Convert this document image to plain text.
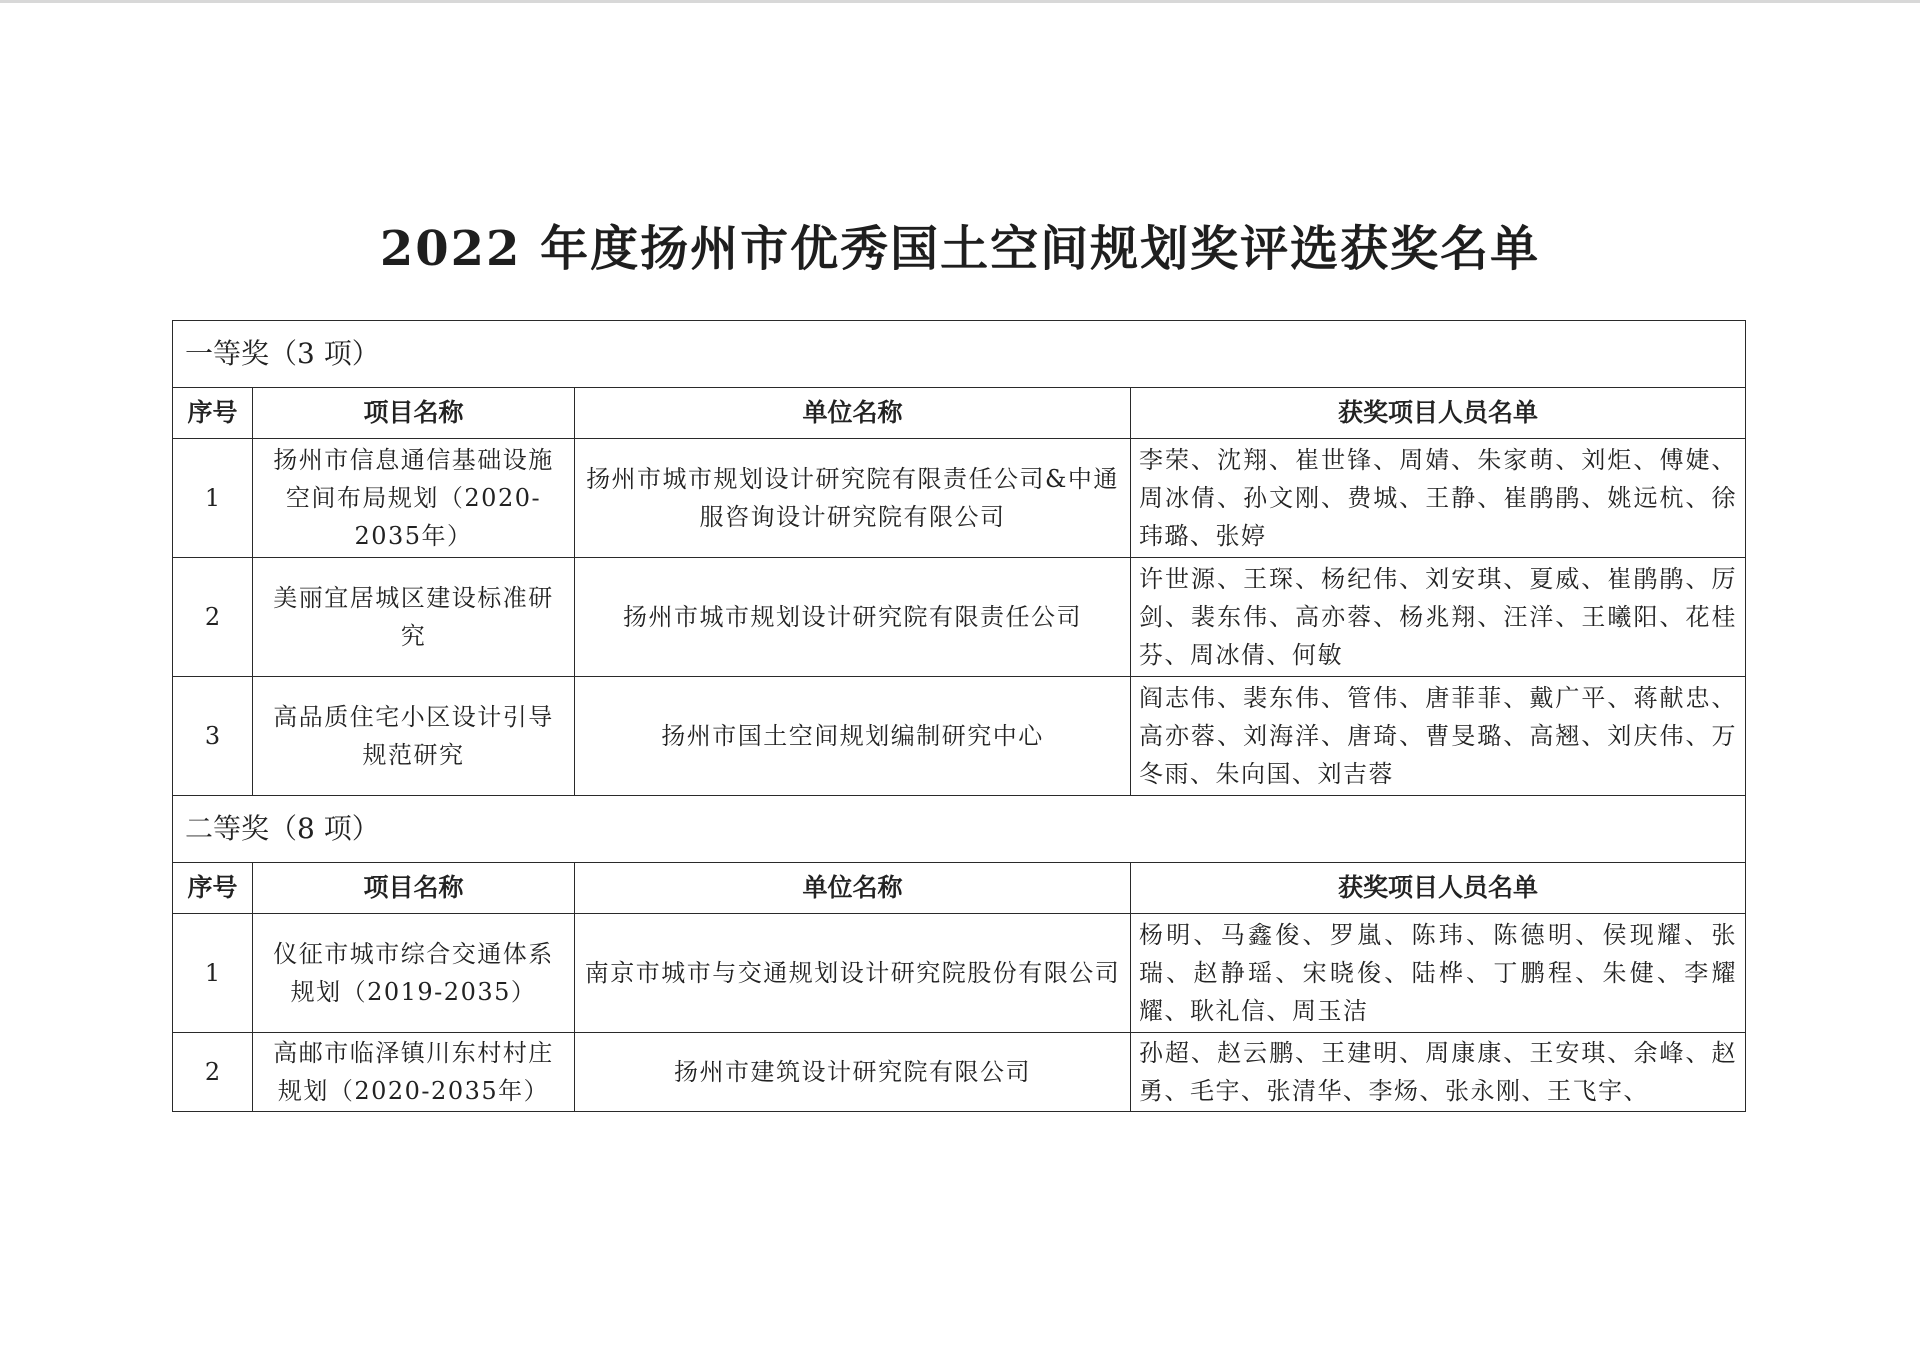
2022 年度扬州市优秀国土空间规划奖评选获奖名单
一等奖（3 项）			
序号	项目名称	单位名称	获奖项目人员名单
1	扬州市信息通信基础设施空间布局规划（2020-2035年）	扬州市城市规划设计研究院有限责任公司&中通服咨询设计研究院有限公司	李荣、沈翔、崔世锋、周婧、朱家萌、刘炬、傅婕、周冰倩、孙文刚、费城、王静、崔鹃鹃、姚远杭、徐玮璐、张婷
2	美丽宜居城区建设标准研究	扬州市城市规划设计研究院有限责任公司	许世源、王琛、杨纪伟、刘安琪、夏威、崔鹃鹃、厉剑、裴东伟、高亦蓉、杨兆翔、汪洋、王曦阳、花桂芬、周冰倩、何敏
3	高品质住宅小区设计引导规范研究	扬州市国土空间规划编制研究中心	阎志伟、裴东伟、管伟、唐菲菲、戴广平、蒋献忠、高亦蓉、刘海洋、唐琦、曹旻璐、高翘、刘庆伟、万冬雨、朱向国、刘吉蓉
二等奖（8 项）			
序号	项目名称	单位名称	获奖项目人员名单
1	仪征市城市综合交通体系规划（2019-2035）	南京市城市与交通规划设计研究院股份有限公司	杨明、马鑫俊、罗嵐、陈玮、陈德明、侯现耀、张瑞、赵静瑶、宋晓俊、陆桦、丁鹏程、朱健、李耀耀、耿礼信、周玉洁
2	高邮市临泽镇川东村村庄规划（2020-2035年）	扬州市建筑设计研究院有限公司	孙超、赵云鹏、王建明、周康康、王安琪、余峰、赵勇、毛宇、张清华、李炀、张永刚、王飞宇、
